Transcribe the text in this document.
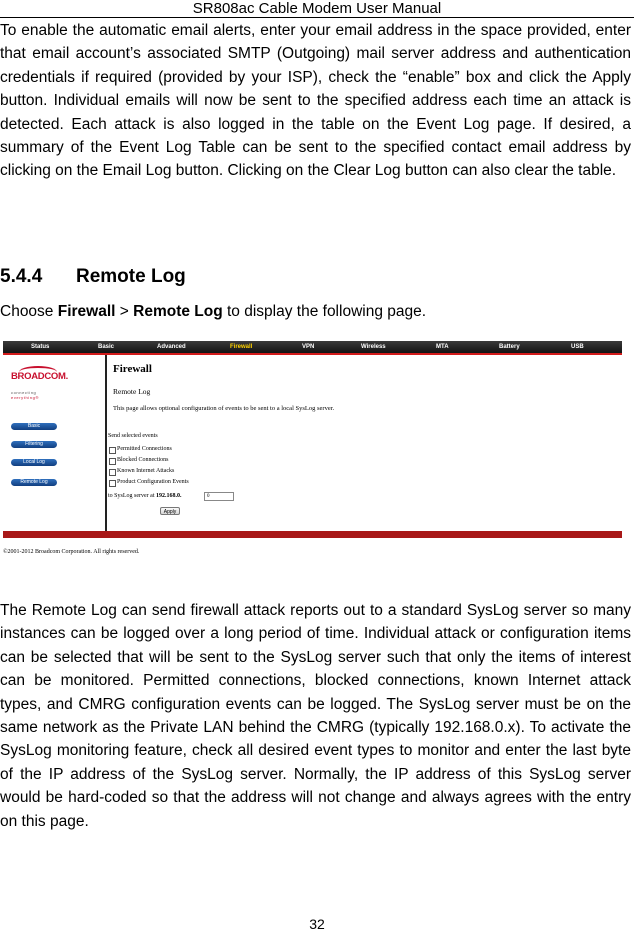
SR808ac Cable Modem User Manual

To enable the automatic email alerts, enter your email address in the space provided, enter that email account’s associated SMTP (Outgoing) mail server address and authentication credentials if required (provided by your ISP), check the “enable” box and click the Apply button. Individual emails will now be sent to the specified address each time an attack is detected. Each attack is also logged in the table on the Event Log page. If desired, a summary of the Event Log Table can be sent to the specified contact email address by clicking on the Email Log button. Clicking on the Clear Log button can also clear the table.

5.4.4 Remote Log
Choose Firewall > Remote Log to display the following page.
Status	Basic	Advanced	Firewall	VPN	Wireless	MTA	Battery	USB
BROADCOM.
connecting
everything®
Basic
Filtering
Local Log
Remote Log
Firewall
Remote Log
This page allows optional configuration of events to be sent to a local SysLog server.
Send selected events
Permitted Connections
Blocked Connections
Known Internet Attacks
Product Configuration Events
to SysLog server at 192.168.0.	0
Apply
©2001-2012 Broadcom Corporation. All rights reserved.

The Remote Log can send firewall attack reports out to a standard SysLog server so many instances can be logged over a long period of time. Individual attack or configuration items can be selected that will be sent to the SysLog server such that only the items of interest can be monitored. Permitted connections, blocked connections, known Internet attack types, and CMRG configuration events can be logged. The SysLog server must be on the same network as the Private LAN behind the CMRG (typically 192.168.0.x). To activate the SysLog monitoring feature, check all desired event types to monitor and enter the last byte of the IP address of the SysLog server. Normally, the IP address of this SysLog server would be hard-coded so that the address will not change and always agrees with the entry on this page.

32
